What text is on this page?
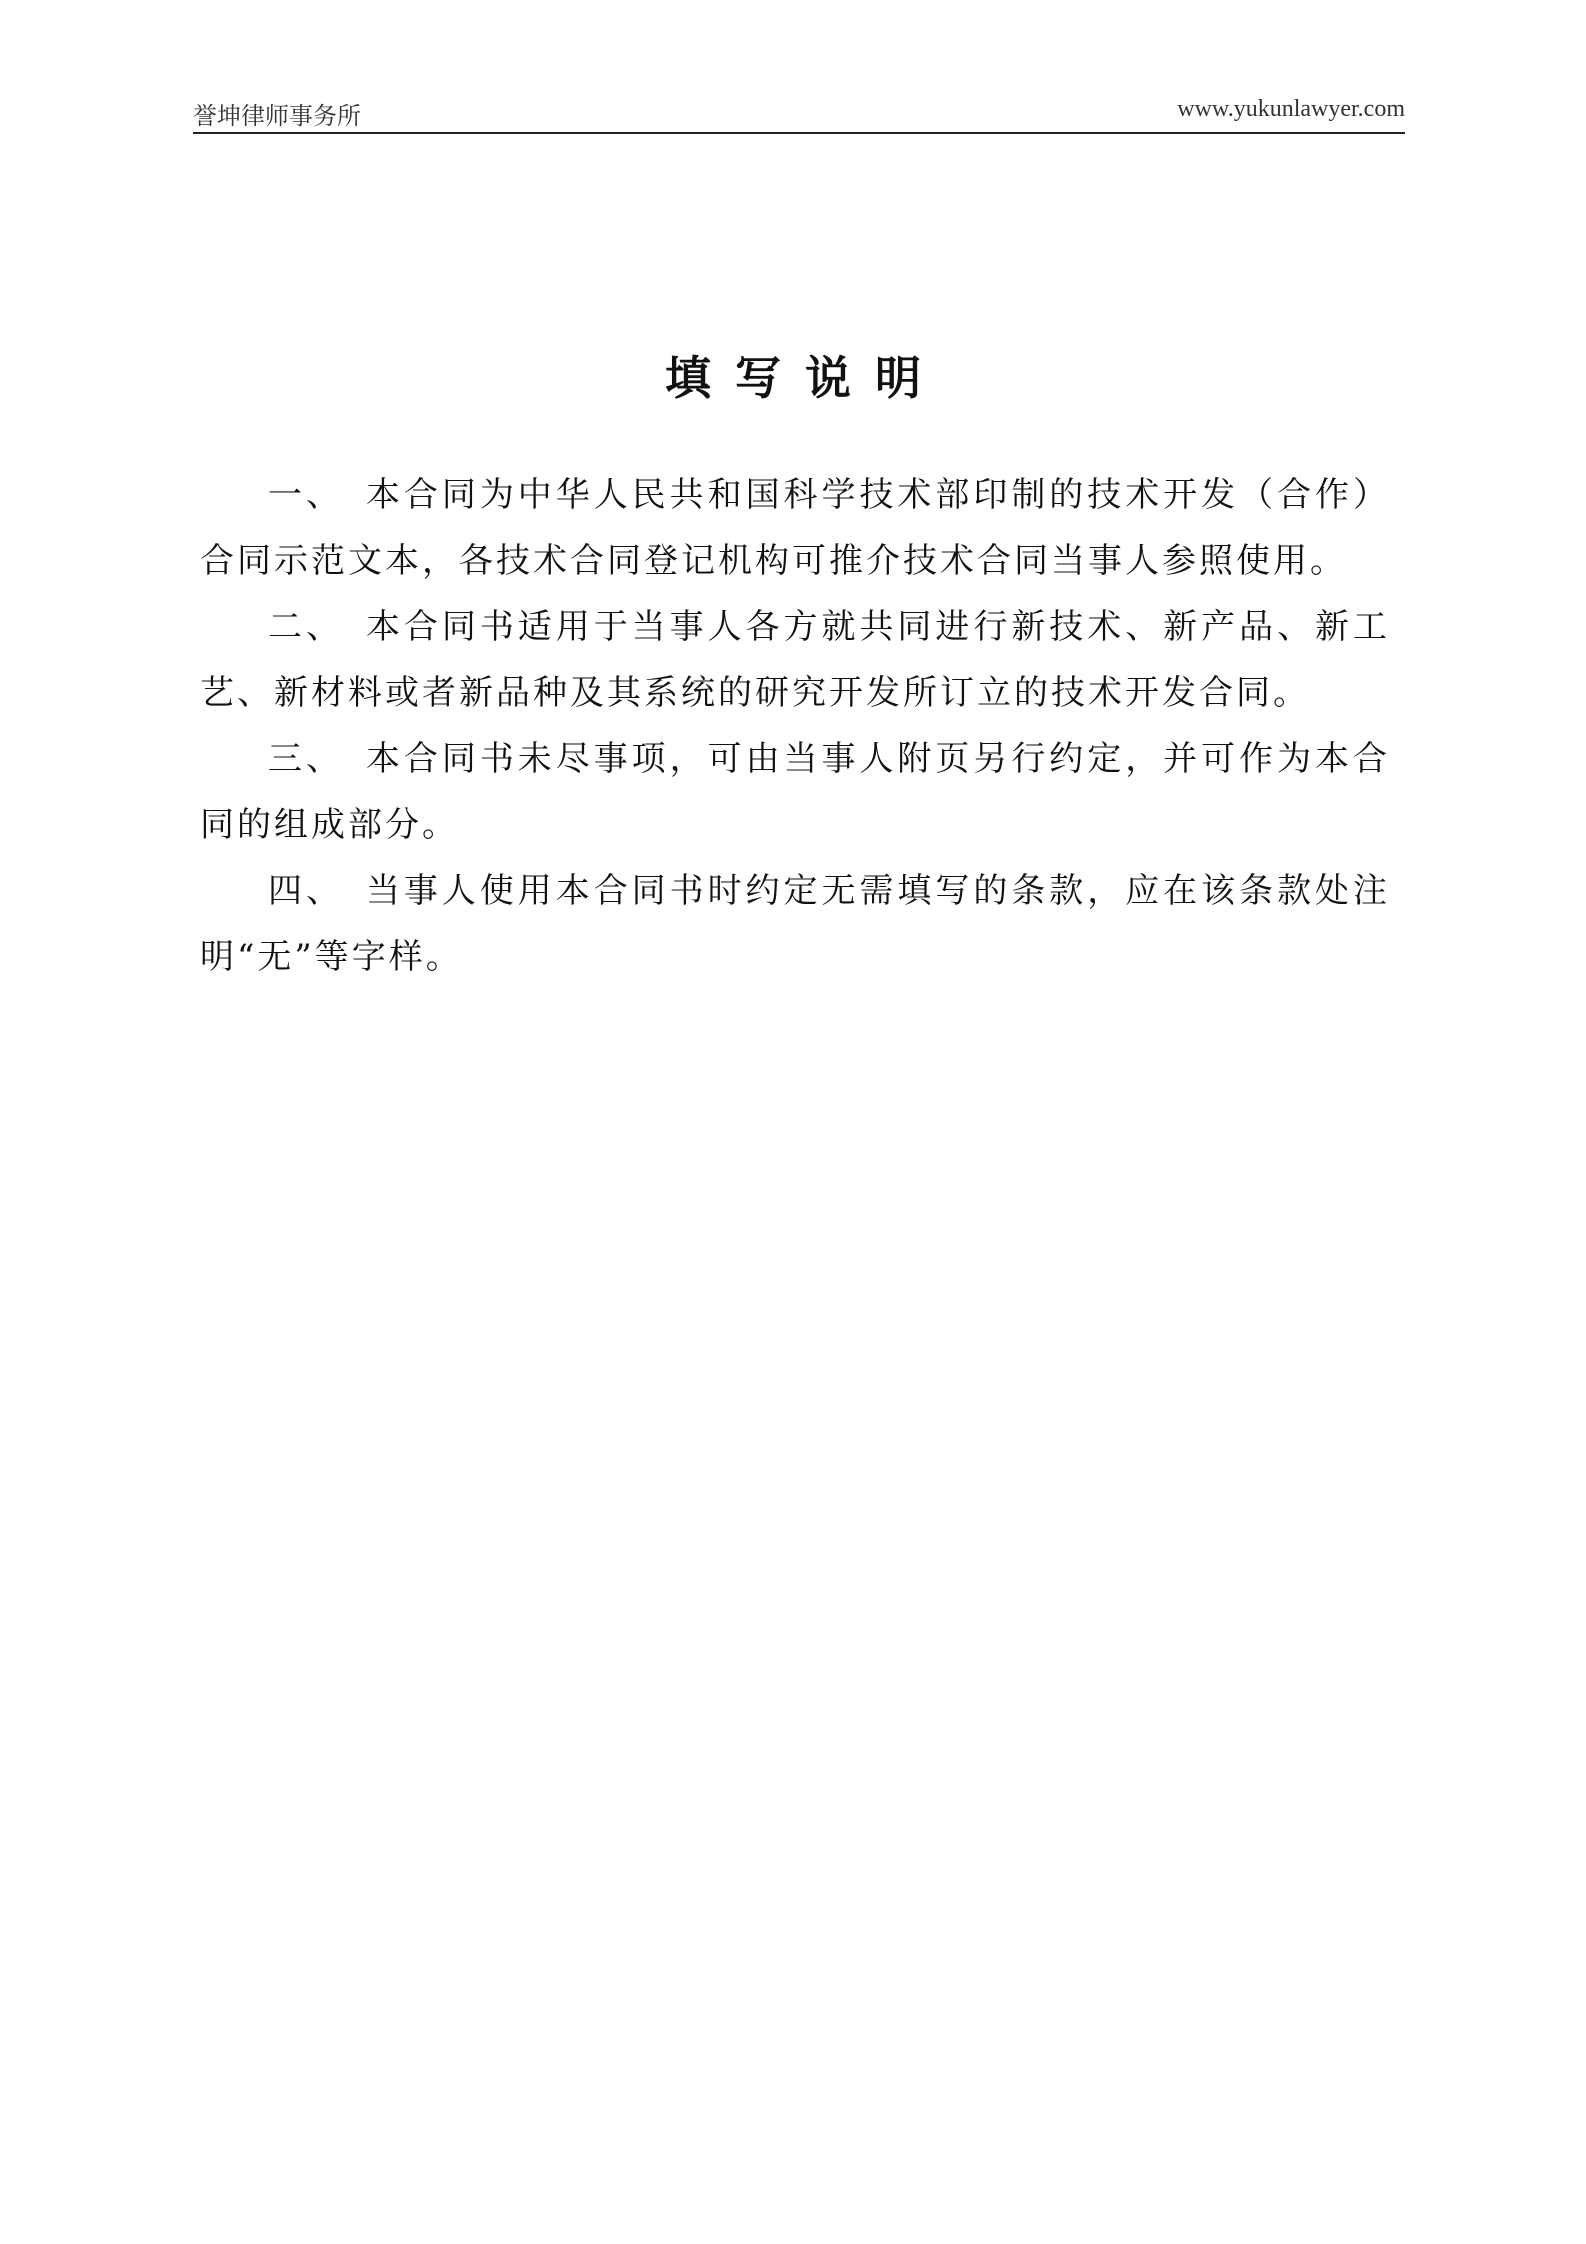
誉坤律师事务所	www.yukunlawyer.com
填写说明

一、 本合同为中华人民共和国科学技术部印制的技术开发（合作）合同示范文本，各技术合同登记机构可推介技术合同当事人参照使用。

二、 本合同书适用于当事人各方就共同进行新技术、新产品、新工艺、新材料或者新品种及其系统的研究开发所订立的技术开发合同。

三、 本合同书未尽事项，可由当事人附页另行约定，并可作为本合同的组成部分。

四、 当事人使用本合同书时约定无需填写的条款，应在该条款处注明“无”等字样。
